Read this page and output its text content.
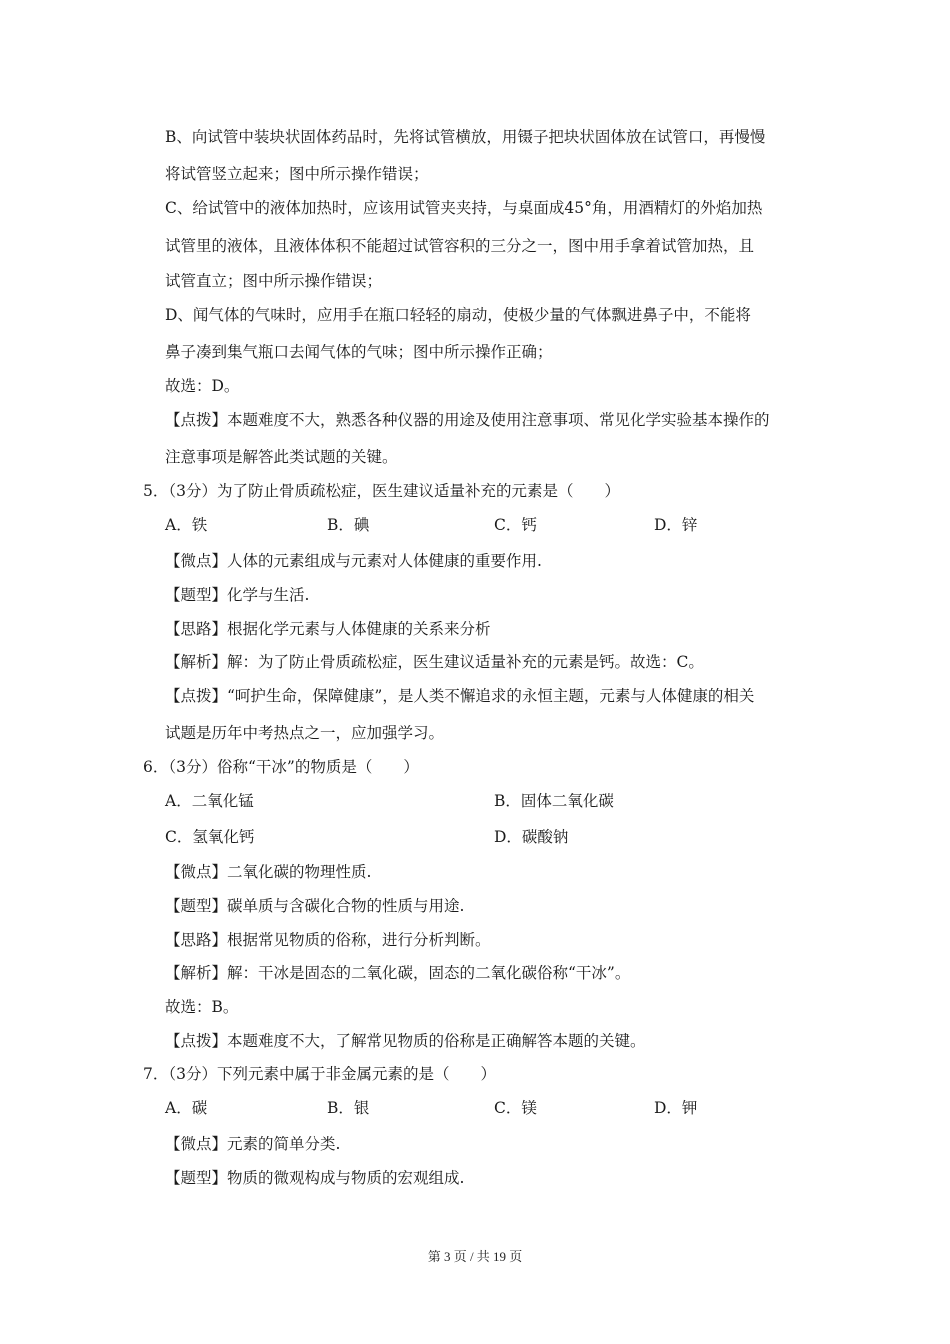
B、向试管中装块状固体药品时，先将试管横放，用镊子把块状固体放在试管口，再慢慢
将试管竖立起来；图中所示操作错误；
C、给试管中的液体加热时，应该用试管夹夹持，与桌面成45°角，用酒精灯的外焰加热
试管里的液体，且液体体积不能超过试管容积的三分之一，图中用手拿着试管加热，且
试管直立；图中所示操作错误；
D、闻气体的气味时，应用手在瓶口轻轻的扇动，使极少量的气体飘进鼻子中，不能将
鼻子凑到集气瓶口去闻气体的气味；图中所示操作正确；
故选：D。
【点拨】本题难度不大，熟悉各种仪器的用途及使用注意事项、常见化学实验基本操作的
注意事项是解答此类试题的关键。
5．（3分）为了防止骨质疏松症，医生建议适量补充的元素是（　　）
A．铁	B．碘	C．钙	D．锌
【微点】人体的元素组成与元素对人体健康的重要作用.
【题型】化学与生活.
【思路】根据化学元素与人体健康的关系来分析
【解析】解：为了防止骨质疏松症，医生建议适量补充的元素是钙。故选：C。
【点拨】“呵护生命，保障健康”，是人类不懈追求的永恒主题，元素与人体健康的相关
试题是历年中考热点之一，应加强学习。
6．（3分）俗称“干冰”的物质是（　　）
A．二氧化锰	B．固体二氧化碳
C．氢氧化钙	D．碳酸钠
【微点】二氧化碳的物理性质.
【题型】碳单质与含碳化合物的性质与用途.
【思路】根据常见物质的俗称，进行分析判断。
【解析】解：干冰是固态的二氧化碳，固态的二氧化碳俗称“干冰”。
故选：B。
【点拨】本题难度不大，了解常见物质的俗称是正确解答本题的关键。
7．（3分）下列元素中属于非金属元素的是（　　）
A．碳	B．银	C．镁	D．钾
【微点】元素的简单分类.
【题型】物质的微观构成与物质的宏观组成.
第 3 页 / 共 19 页
